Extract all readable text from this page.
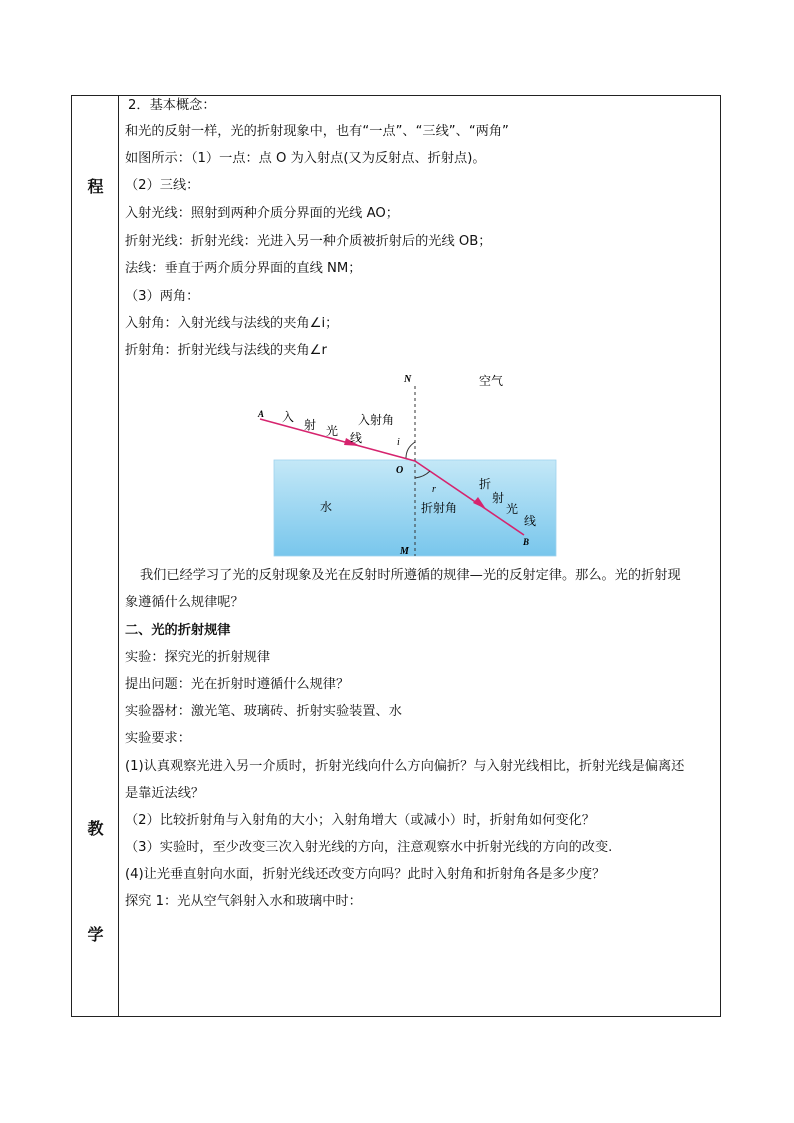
程
教
学
2．基本概念：
和光的反射一样，光的折射现象中，也有“一点”、“三线”、“两角”
如图所示：（1）一点：点 O 为入射点(又为反射点、折射点)。
（2）三线：
入射光线：照射到两种介质分界面的光线 AO；
折射光线：折射光线：光进入另一种介质被折射后的光线 OB；
法线：垂直于两介质分界面的直线 NM；
（3）两角：
入射角：入射光线与法线的夹角∠i；
折射角：折射光线与法线的夹角∠r
N	空气
A 入
射 光 线
入射角
i
O
r
水	折射角
折
射
光
线
B
M
我们已经学习了光的反射现象及光在反射时所遵循的规律—光的反射定律。那么。光的折射现
象遵循什么规律呢？
二、光的折射规律
实验：探究光的折射规律
提出问题：光在折射时遵循什么规律？
实验器材：激光笔、玻璃砖、折射实验装置、水
实验要求：
(1)认真观察光进入另一介质时，折射光线向什么方向偏折？与入射光线相比，折射光线是偏离还
是靠近法线？
（2）比较折射角与入射角的大小；入射角增大（或减小）时，折射角如何变化？
（3）实验时，至少改变三次入射光线的方向，注意观察水中折射光线的方向的改变.
(4)让光垂直射向水面，折射光线还改变方向吗？此时入射角和折射角各是多少度？
探究 1：光从空气斜射入水和玻璃中时：
